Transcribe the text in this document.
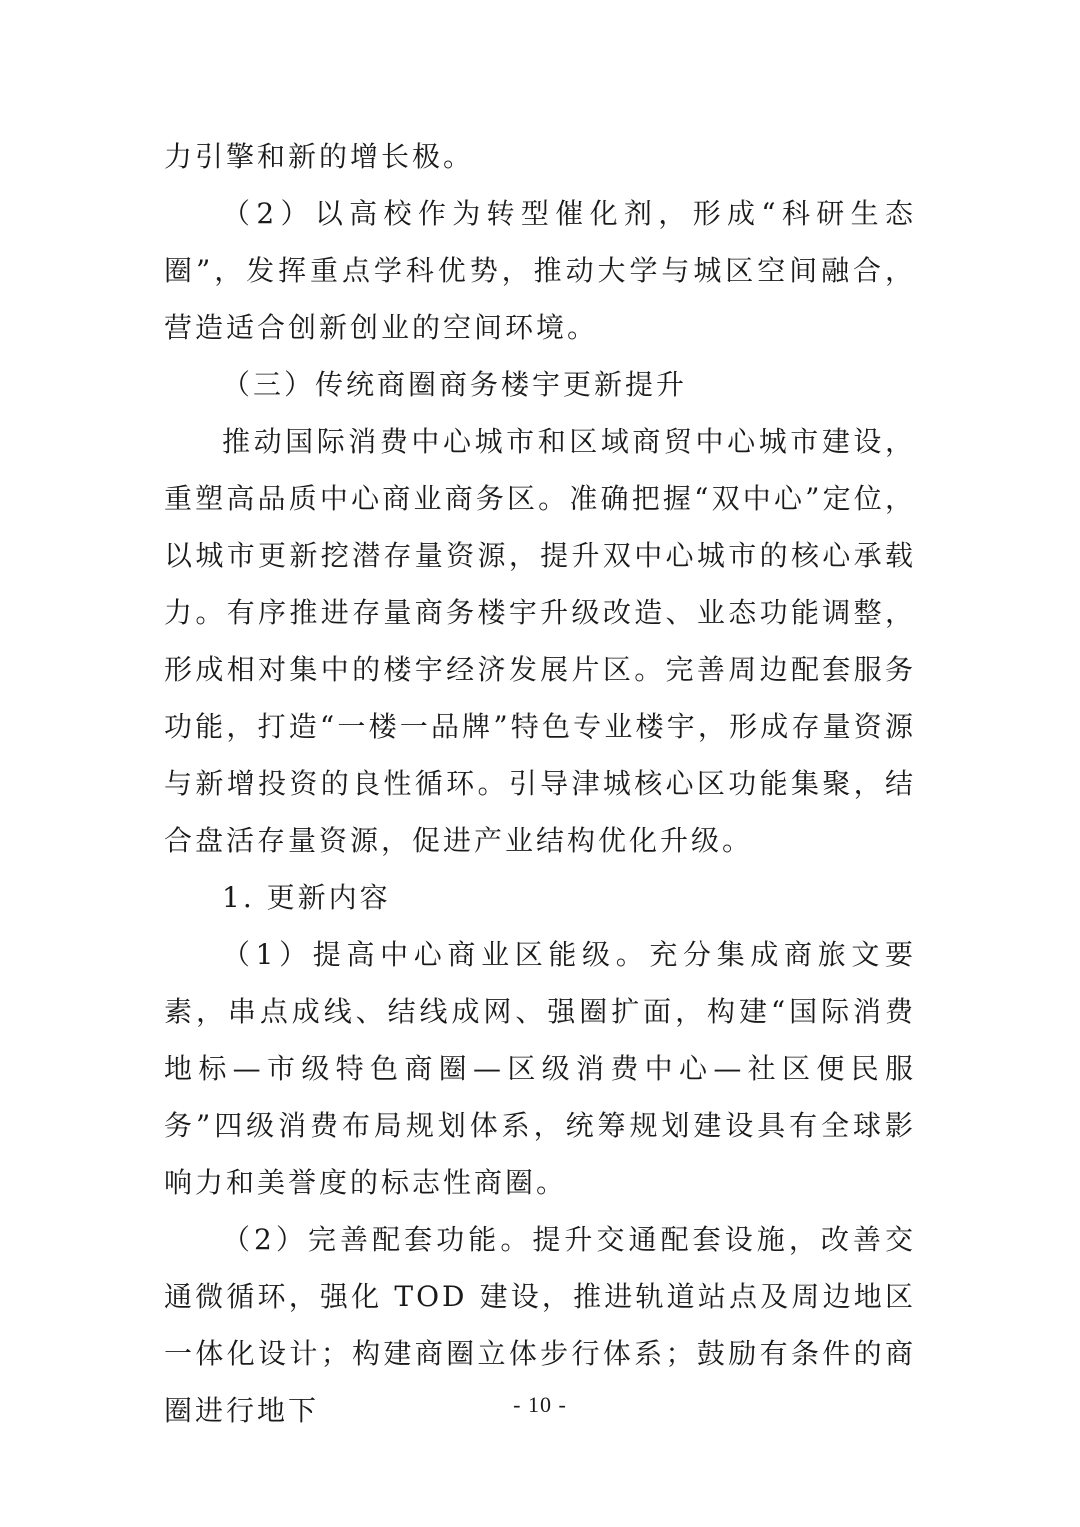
力引擎和新的增长极。

（2）以高校作为转型催化剂，形成“科研生态圈”，发挥重点学科优势，推动大学与城区空间融合，营造适合创新创业的空间环境。

（三）传统商圈商务楼宇更新提升

推动国际消费中心城市和区域商贸中心城市建设，重塑高品质中心商业商务区。准确把握“双中心”定位，以城市更新挖潜存量资源，提升双中心城市的核心承载力。有序推进存量商务楼宇升级改造、业态功能调整，形成相对集中的楼宇经济发展片区。完善周边配套服务功能，打造“一楼一品牌”特色专业楼宇，形成存量资源与新增投资的良性循环。引导津城核心区功能集聚，结合盘活存量资源，促进产业结构优化升级。

1. 更新内容

（1）提高中心商业区能级。充分集成商旅文要素，串点成线、结线成网、强圈扩面，构建“国际消费地标—市级特色商圈—区级消费中心—社区便民服务”四级消费布局规划体系，统筹规划建设具有全球影响力和美誉度的标志性商圈。

（2）完善配套功能。提升交通配套设施，改善交通微循环，强化 TOD 建设，推进轨道站点及周边地区一体化设计；构建商圈立体步行体系；鼓励有条件的商圈进行地下	- 10 -
